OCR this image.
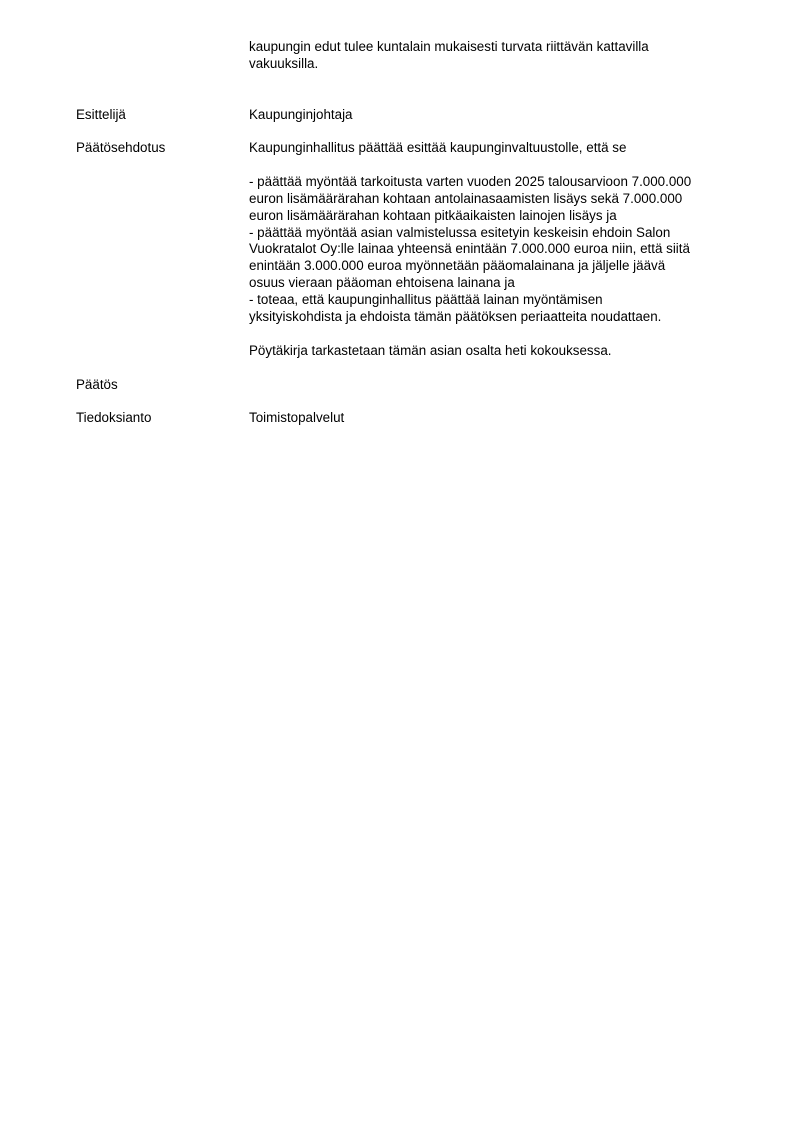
kaupungin edut tulee kuntalain mukaisesti turvata riittävän kattavilla
vakuuksilla.
Esittelijä	Kaupunginjohtaja
Päätösehdotus	Kaupunginhallitus päättää esittää kaupunginvaltuustolle, että se
- päättää myöntää tarkoitusta varten vuoden 2025 talousarvioon 7.000.000
euron lisämäärärahan kohtaan antolainasaamisten lisäys sekä 7.000.000
euron lisämäärärahan kohtaan pitkäaikaisten lainojen lisäys ja
- päättää myöntää asian valmistelussa esitetyin keskeisin ehdoin Salon
Vuokratalot Oy:lle lainaa yhteensä enintään 7.000.000 euroa niin, että siitä
enintään 3.000.000 euroa myönnetään pääomalainana ja jäljelle jäävä
osuus vieraan pääoman ehtoisena lainana ja
- toteaa, että kaupunginhallitus päättää lainan myöntämisen
yksityiskohdista ja ehdoista tämän päätöksen periaatteita noudattaen.
Pöytäkirja tarkastetaan tämän asian osalta heti kokouksessa.
Päätös
Tiedoksianto	Toimistopalvelut
